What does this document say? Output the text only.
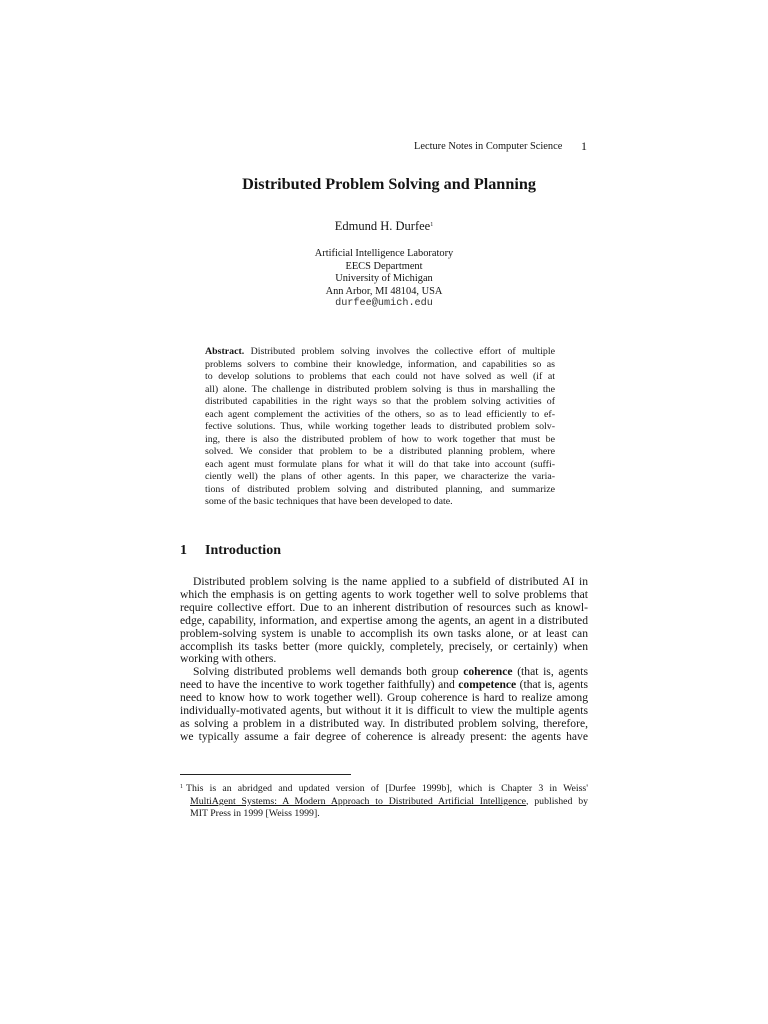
Lecture Notes in Computer Science 1
Distributed Problem Solving and Planning
Edmund H. Durfee$^1$
Artificial Intelligence Laboratory
EECS Department
University of Michigan
Ann Arbor, MI 48104, USA
durfee@umich.edu
Abstract. Distributed problem solving involves the collective effort of multiple
problems solvers to combine their knowledge, information, and capabilities so as
to develop solutions to problems that each could not have solved as well (if at
all) alone. The challenge in distributed problem solving is thus in marshalling the
distributed capabilities in the right ways so that the problem solving activities of
each agent complement the activities of the others, so as to lead efficiently to ef-
fective solutions. Thus, while working together leads to distributed problem solv-
ing, there is also the distributed problem of how to work together that must be
solved. We consider that problem to be a distributed planning problem, where
each agent must formulate plans for what it will do that take into account (suffi-
ciently well) the plans of other agents. In this paper, we characterize the varia-
tions of distributed problem solving and distributed planning, and summarize
some of the basic techniques that have been developed to date.
1 Introduction
Distributed problem solving is the name applied to a subfield of distributed AI in
which the emphasis is on getting agents to work together well to solve problems that
require collective effort. Due to an inherent distribution of resources such as knowl-
edge, capability, information, and expertise among the agents, an agent in a distributed
problem-solving system is unable to accomplish its own tasks alone, or at least can
accomplish its tasks better (more quickly, completely, precisely, or certainly) when
working with others.
Solving distributed problems well demands both group coherence (that is, agents
need to have the incentive to work together faithfully) and competence (that is, agents
need to know how to work together well). Group coherence is hard to realize among
individually-motivated agents, but without it it is difficult to view the multiple agents
as solving a problem in a distributed way. In distributed problem solving, therefore,
we typically assume a fair degree of coherence is already present: the agents have
$^1$ This is an abridged and updated version of [Durfee 1999b], which is Chapter 3 in Weiss'
MultiAgent Systems: A Modern Approach to Distributed Artificial Intelligence, published by
MIT Press in 1999 [Weiss 1999].
